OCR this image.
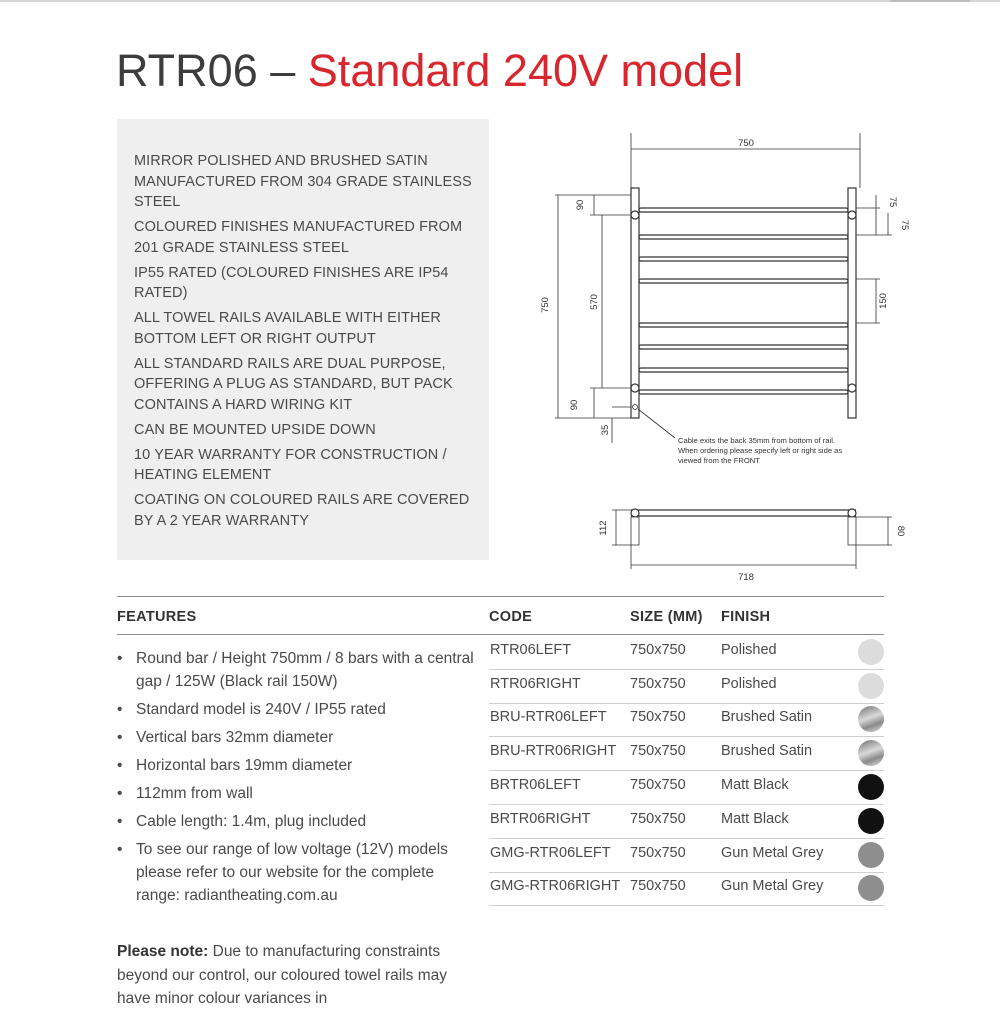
RTR06 – Standard 240V model
MIRROR POLISHED AND BRUSHED SATIN MANUFACTURED FROM 304 GRADE STAINLESS STEEL
COLOURED FINISHES MANUFACTURED FROM 201 GRADE STAINLESS STEEL
IP55 RATED (COLOURED FINISHES ARE IP54 RATED)
ALL TOWEL RAILS AVAILABLE WITH EITHER BOTTOM LEFT OR RIGHT OUTPUT
ALL STANDARD RAILS ARE DUAL PURPOSE, OFFERING A PLUG AS STANDARD, BUT PACK CONTAINS A HARD WIRING KIT
CAN BE MOUNTED UPSIDE DOWN
10 YEAR WARRANTY FOR CONSTRUCTION / HEATING ELEMENT
COATING ON COLOURED RAILS ARE COVERED BY A 2 YEAR WARRANTY
750
750	570
90
90
35
75
75
150
Cable exits the back 35mm from bottom of rail.
When ordering please specify left or right side as
viewed from the FRONT
112	80
718
FEATURES
• Round bar / Height 750mm / 8 bars with a central gap / 125W (Black rail 150W)
• Standard model is 240V / IP55 rated
• Vertical bars 32mm diameter
• Horizontal bars 19mm diameter
• 112mm from wall
• Cable length: 1.4m, plug included
• To see our range of low voltage (12V) models please refer to our website for the complete range: radiantheating.com.au
Please note: Due to manufacturing constraints beyond our control, our coloured towel rails may have minor colour variances in
CODE	SIZE (MM) FINISH
RTR06LEFT	750x750 Polished
RTR06RIGHT	750x750 Polished
BRU-RTR06LEFT 750x750 Brushed Satin
BRU-RTR06RIGHT 750x750 Brushed Satin
BRTR06LEFT	750x750 Matt Black
BRTR06RIGHT	750x750 Matt Black
GMG-RTR06LEFT 750x750 Gun Metal Grey
GMG-RTR06RIGHT 750x750 Gun Metal Grey
